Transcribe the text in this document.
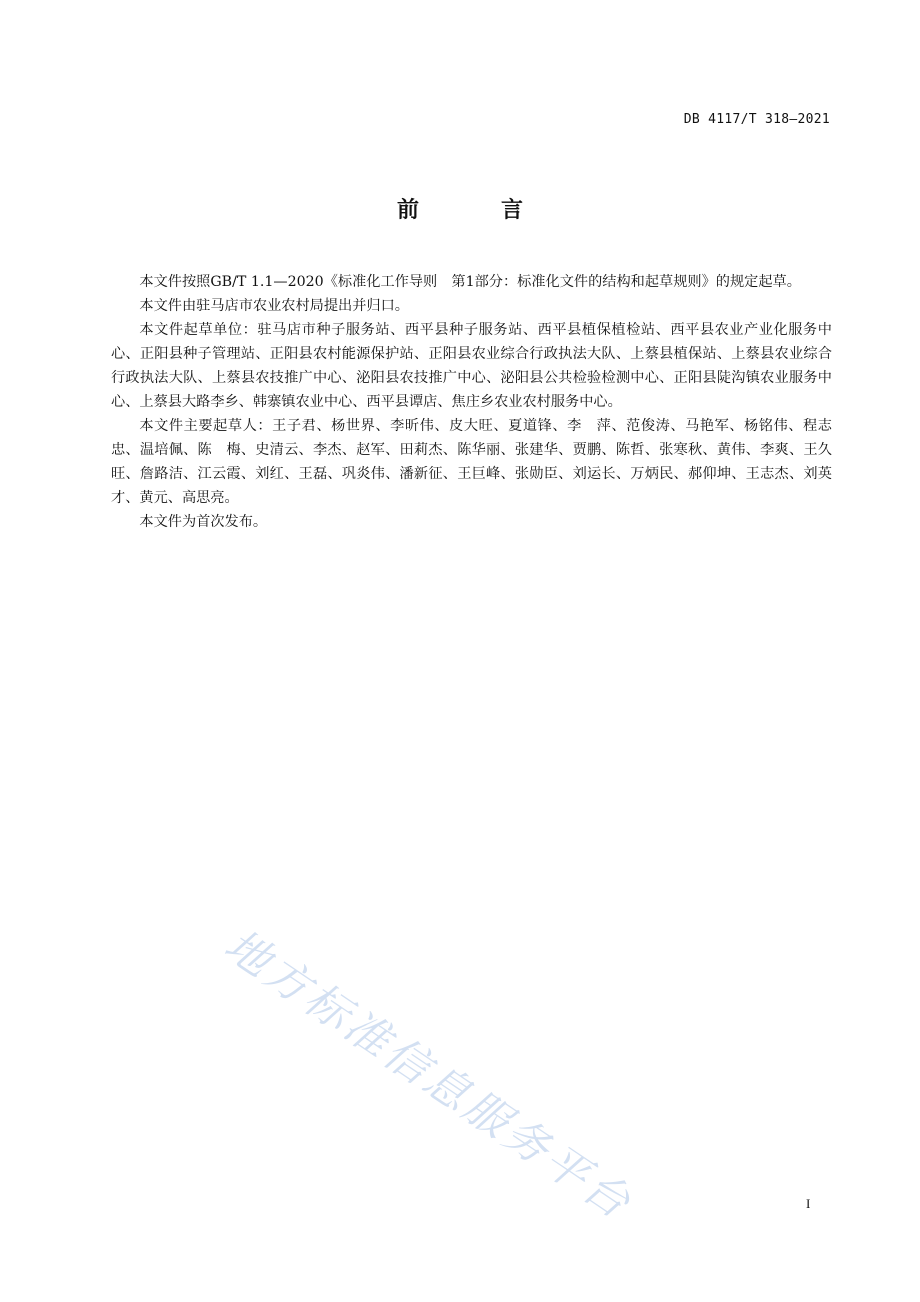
DB 4117/T 318—2021
前　言

本文件按照GB/T 1.1—2020《标准化工作导则　第1部分：标准化文件的结构和起草规则》的规定起草。

本文件由驻马店市农业农村局提出并归口。

本文件起草单位：驻马店市种子服务站、西平县种子服务站、西平县植保植检站、西平县农业产业化服务中心、正阳县种子管理站、正阳县农村能源保护站、正阳县农业综合行政执法大队、上蔡县植保站、上蔡县农业综合行政执法大队、上蔡县农技推广中心、泌阳县农技推广中心、泌阳县公共检验检测中心、正阳县陡沟镇农业服务中心、上蔡县大路李乡、韩寨镇农业中心、西平县谭店、焦庄乡农业农村服务中心。

本文件主要起草人：王子君、杨世界、李昕伟、皮大旺、夏道锋、李　萍、范俊涛、马艳军、杨铭伟、程志忠、温培佩、陈　梅、史清云、李杰、赵军、田莉杰、陈华丽、张建华、贾鹏、陈哲、张寒秋、黄伟、李爽、王久旺、詹路洁、江云霞、刘红、王磊、巩炎伟、潘新征、王巨峰、张勋臣、刘运长、万炳民、郝仰坤、王志杰、刘英才、黄元、高思亮。

本文件为首次发布。

地方标准信息服务平台	I
